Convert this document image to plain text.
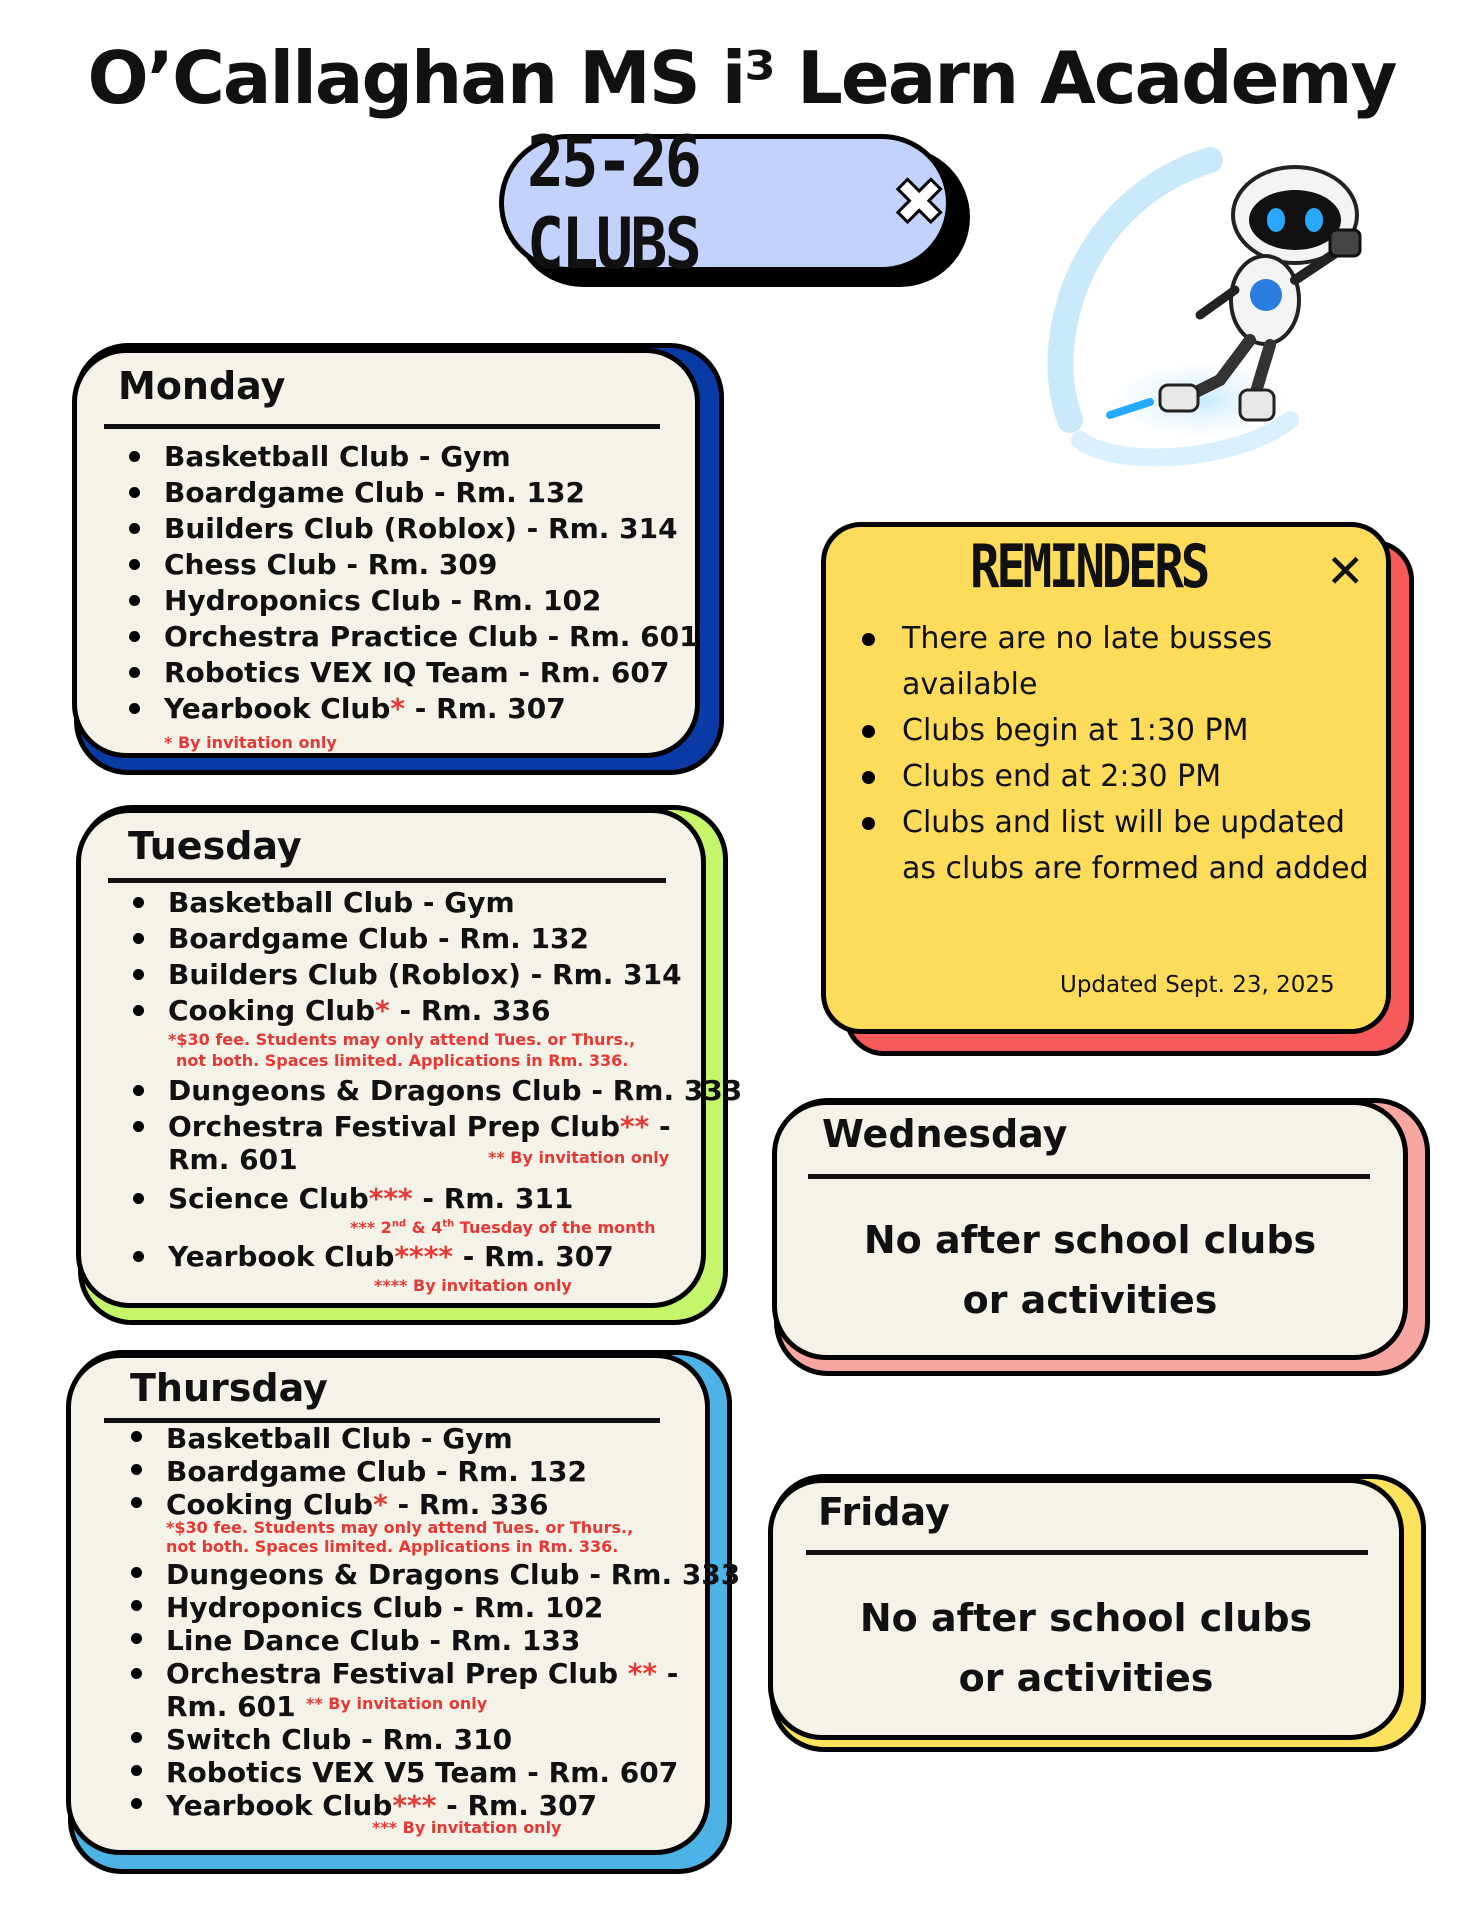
O’Callaghan MS i³ Learn Academy
25-26 CLUBS	✖
Monday
Basketball Club - Gym
Boardgame Club - Rm. 132
Builders Club (Roblox) - Rm. 314
Chess Club - Rm. 309
Hydroponics Club - Rm. 102
Orchestra Practice Club - Rm. 601
Robotics VEX IQ Team - Rm. 607
Yearbook Club* - Rm. 307
* By invitation only
Tuesday
Basketball Club - Gym
Boardgame Club - Rm. 132
Builders Club (Roblox) - Rm. 314
Cooking Club* - Rm. 336
Dungeons & Dragons Club - Rm. 333
Orchestra Festival Prep Club** -
Rm. 601
Science Club*** - Rm. 311
Yearbook Club**** - Rm. 307
*$30 fee. Students may only attend Tues. or Thurs.,
not both. Spaces limited. Applications in Rm. 336.
** By invitation only
*** 2nd & 4th Tuesday of the month
**** By invitation only
Thursday
Basketball Club - Gym
Boardgame Club - Rm. 132
Cooking Club* - Rm. 336
Dungeons & Dragons Club - Rm. 333
Hydroponics Club - Rm. 102
Line Dance Club - Rm. 133
Orchestra Festival Prep Club ** -
Rm. 601
Switch Club - Rm. 310
Robotics VEX V5 Team - Rm. 607
Yearbook Club*** - Rm. 307
*$30 fee. Students may only attend Tues. or Thurs.,
not both. Spaces limited. Applications in Rm. 336.
** By invitation only
*** By invitation only
REMINDERS	✕
There are no late busses
available
Clubs begin at 1:30 PM
Clubs end at 2:30 PM
Clubs and list will be updated
as clubs are formed and added
Updated Sept. 23, 2025
Wednesday
No after school clubs
or activities
Friday
No after school clubs
or activities
